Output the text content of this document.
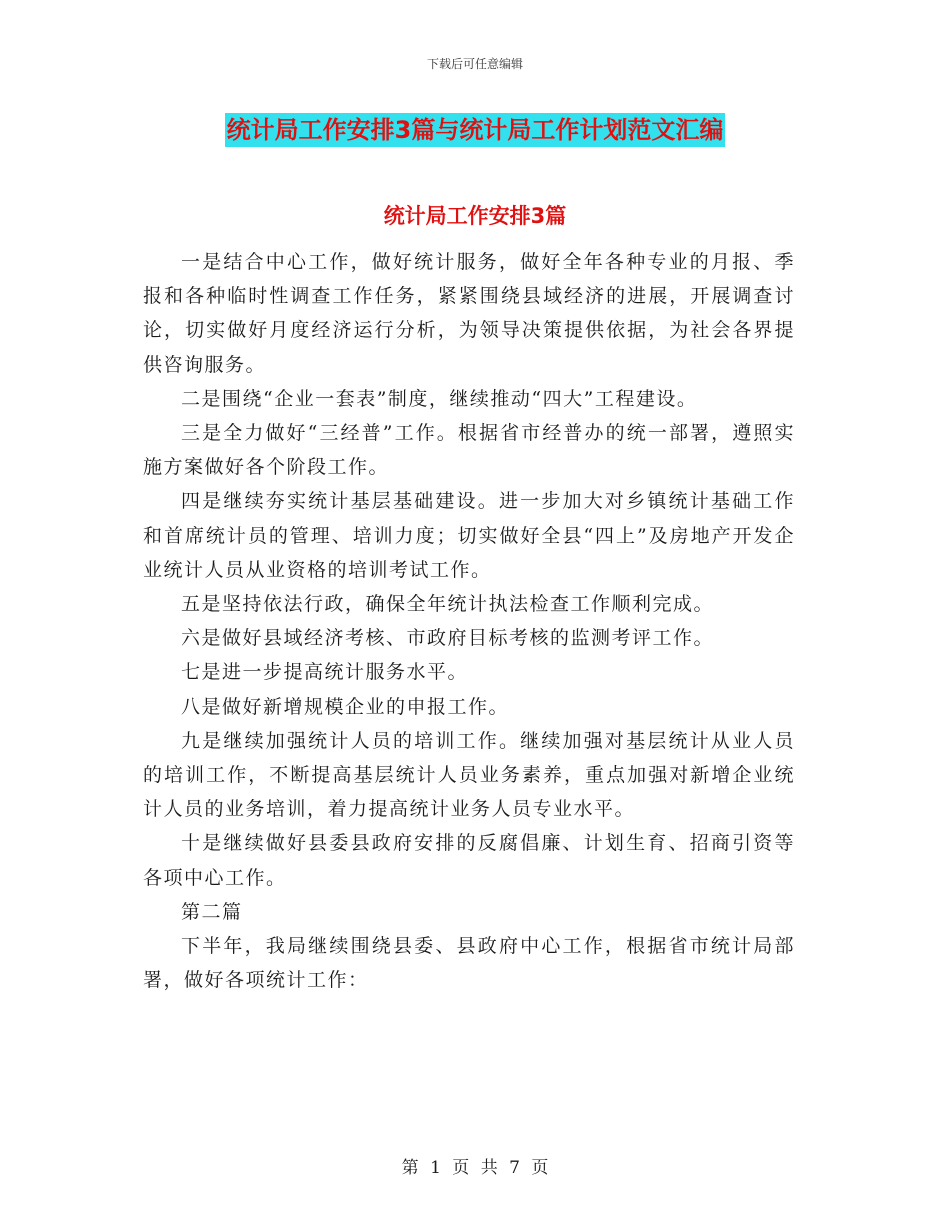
下载后可任意编辑
统计局工作安排3篇与统计局工作计划范文汇编
统计局工作安排3篇

一是结合中心工作，做好统计服务，做好全年各种专业的月报、季报和各种临时性调查工作任务，紧紧围绕县域经济的进展，开展调查讨论，切实做好月度经济运行分析，为领导决策提供依据，为社会各界提供咨询服务。

二是围绕“企业一套表”制度，继续推动“四大”工程建设。

三是全力做好“三经普”工作。根据省市经普办的统一部署，遵照实施方案做好各个阶段工作。

四是继续夯实统计基层基础建设。进一步加大对乡镇统计基础工作和首席统计员的管理、培训力度；切实做好全县“四上”及房地产开发企业统计人员从业资格的培训考试工作。

五是坚持依法行政，确保全年统计执法检查工作顺利完成。

六是做好县域经济考核、市政府目标考核的监测考评工作。

七是进一步提高统计服务水平。

八是做好新增规模企业的申报工作。

九是继续加强统计人员的培训工作。继续加强对基层统计从业人员的培训工作，不断提高基层统计人员业务素养，重点加强对新增企业统计人员的业务培训，着力提高统计业务人员专业水平。

十是继续做好县委县政府安排的反腐倡廉、计划生育、招商引资等各项中心工作。

第二篇

下半年，我局继续围绕县委、县政府中心工作，根据省市统计局部署，做好各项统计工作：

第 1 页 共 7 页
